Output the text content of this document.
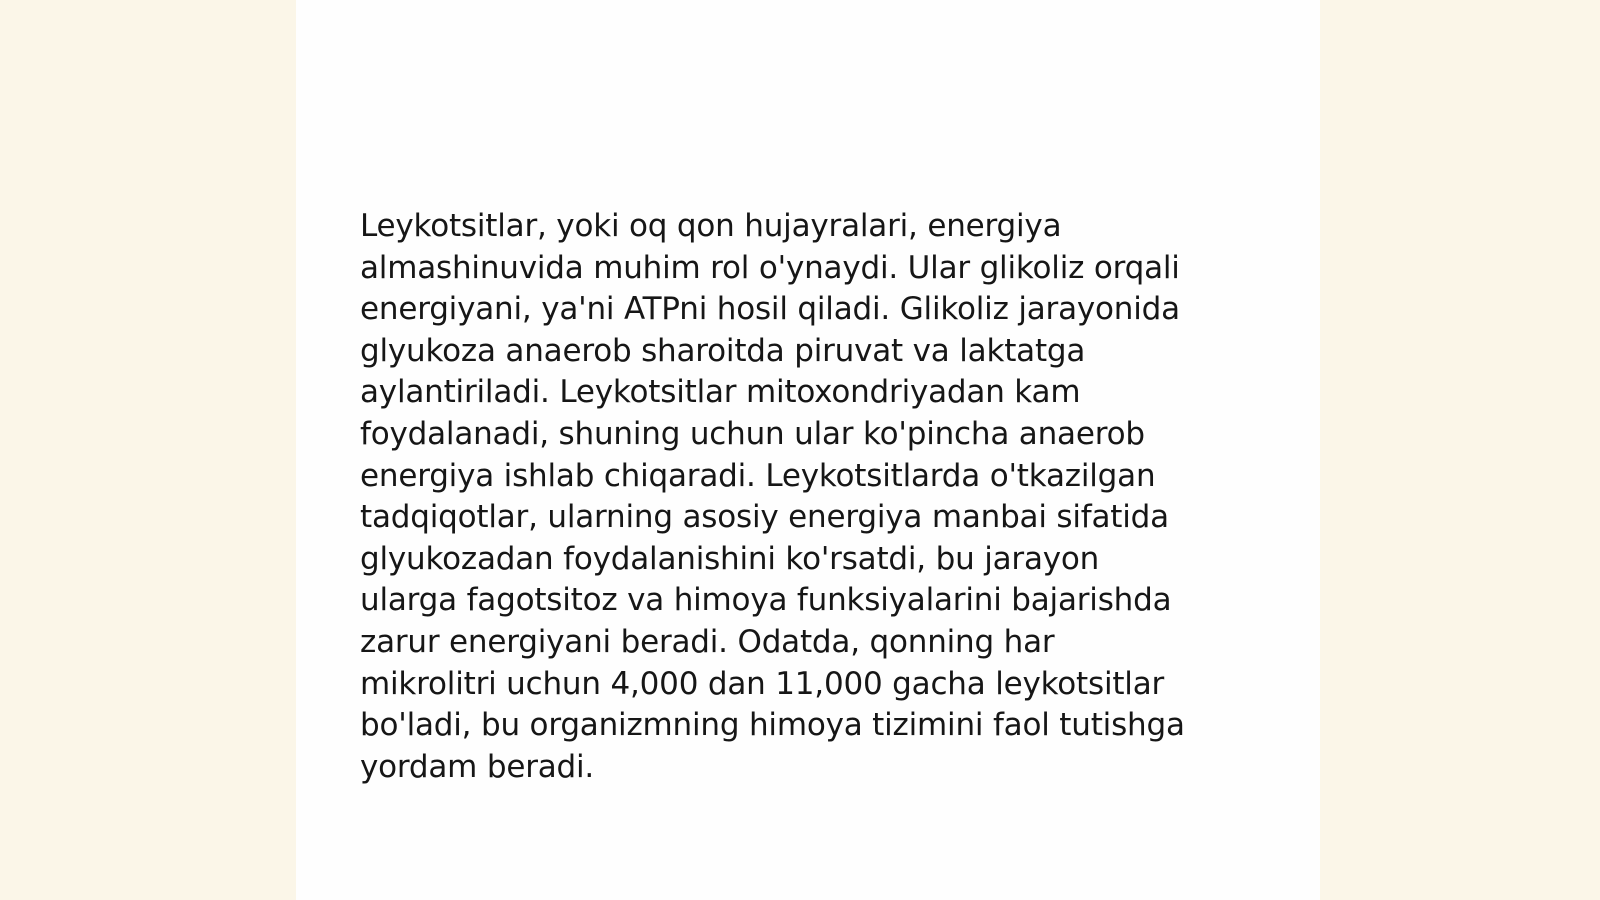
Leykotsitlar, yoki oq qon hujayralari, energiya
almashinuvida muhim rol o'ynaydi. Ular glikoliz orqali
energiyani, ya'ni ATPni hosil qiladi. Glikoliz jarayonida
glyukoza anaerob sharoitda piruvat va laktatga
aylantiriladi. Leykotsitlar mitoxondriyadan kam
foydalanadi, shuning uchun ular ko'pincha anaerob
energiya ishlab chiqaradi. Leykotsitlarda o'tkazilgan
tadqiqotlar, ularning asosiy energiya manbai sifatida
glyukozadan foydalanishini ko'rsatdi, bu jarayon
ularga fagotsitoz va himoya funksiyalarini bajarishda
zarur energiyani beradi. Odatda, qonning har
mikrolitri uchun 4,000 dan 11,000 gacha leykotsitlar
bo'ladi, bu organizmning himoya tizimini faol tutishga
yordam beradi.
